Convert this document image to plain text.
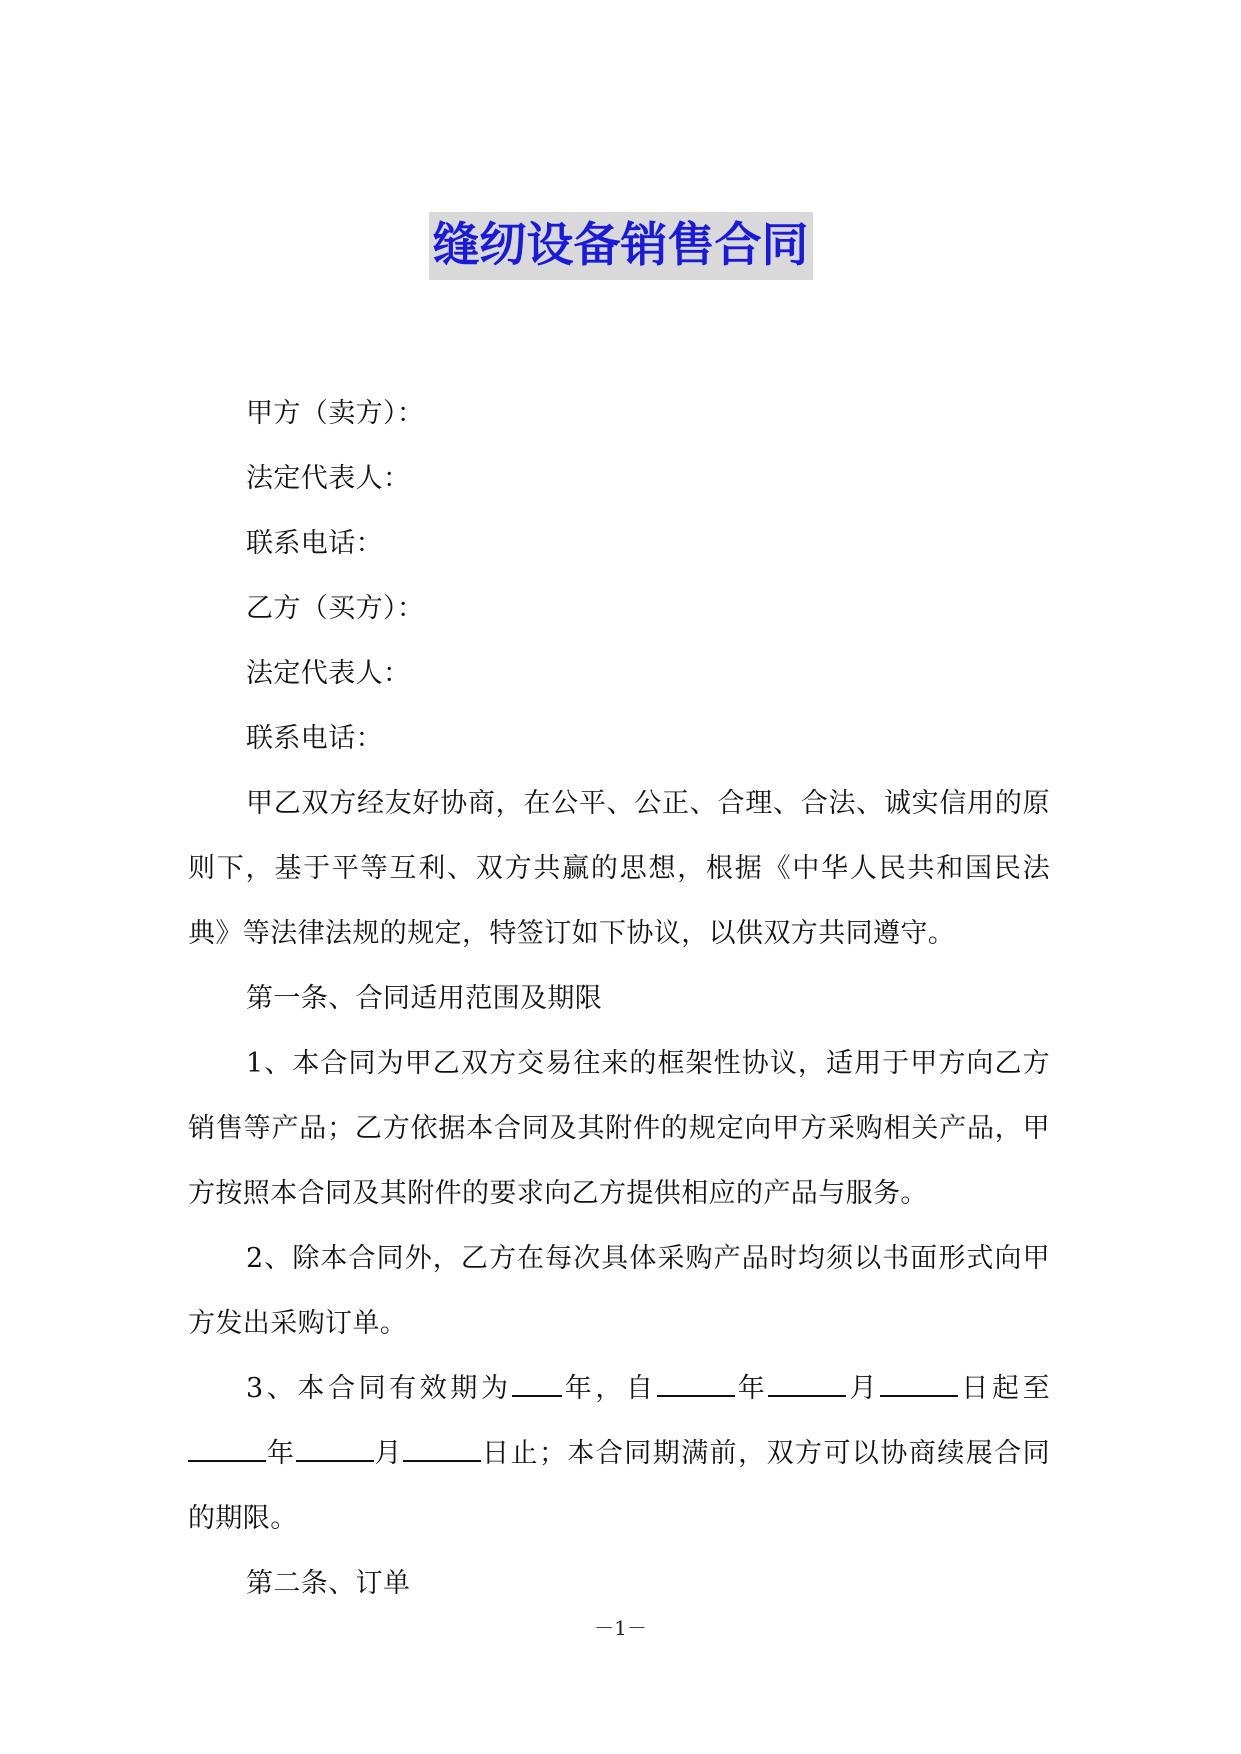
缝纫设备销售合同

甲方（卖方）：

法定代表人：

联系电话：

乙方（买方）：

法定代表人：

联系电话：

甲乙双方经友好协商，在公平、公正、合理、合法、诚实信用的原则下，基于平等互利、双方共赢的思想，根据《中华人民共和国民法典》等法律法规的规定，特签订如下协议，以供双方共同遵守。

第一条、合同适用范围及期限

1、本合同为甲乙双方交易往来的框架性协议，适用于甲方向乙方销售等产品；乙方依据本合同及其附件的规定向甲方采购相关产品，甲方按照本合同及其附件的要求向乙方提供相应的产品与服务。

2、除本合同外，乙方在每次具体采购产品时均须以书面形式向甲方发出采购订单。

3、本合同有效期为 年，自	年	月	日起至年	月	日止；本合同期满前，双方可以协商续展合同的期限。

第二条、订单

－1－
